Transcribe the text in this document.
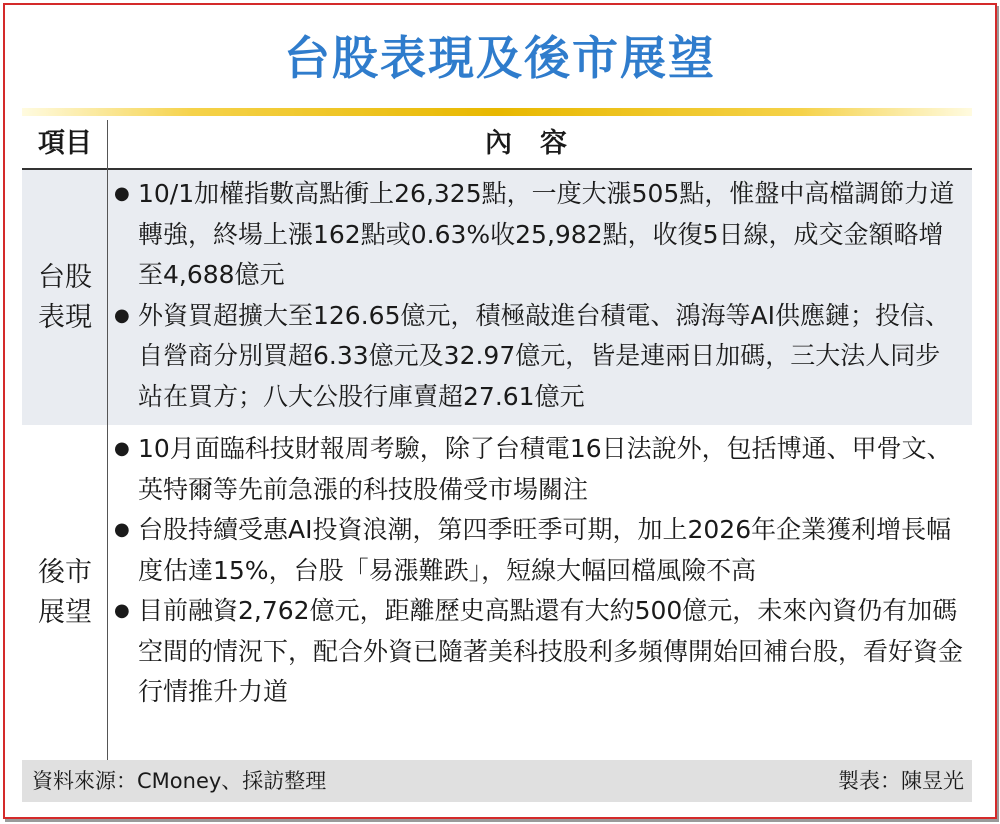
台股表現及後市展望
項目	內容
台股
表現
● 10/1加權指數高點衝上26,325點，一度大漲505點，惟盤中高檔調節力道轉強，終場上漲162點或0.63%收25,982點，收復5日線，成交金額略增至4,688億元
● 外資買超擴大至126.65億元，積極敲進台積電、鴻海等AI供應鏈；投信、自營商分別買超6.33億元及32.97億元，皆是連兩日加碼，三大法人同步站在買方；八大公股行庫賣超27.61億元
後市
展望
● 10月面臨科技財報周考驗，除了台積電16日法說外，包括博通、甲骨文、英特爾等先前急漲的科技股備受市場關注
● 台股持續受惠AI投資浪潮，第四季旺季可期，加上2026年企業獲利增長幅度估達15%，台股「易漲難跌」，短線大幅回檔風險不高
● 目前融資2,762億元，距離歷史高點還有大約500億元，未來內資仍有加碼空間的情況下，配合外資已隨著美科技股利多頻傳開始回補台股，看好資金行情推升力道
資料來源：CMoney、採訪整理	製表：陳昱光
